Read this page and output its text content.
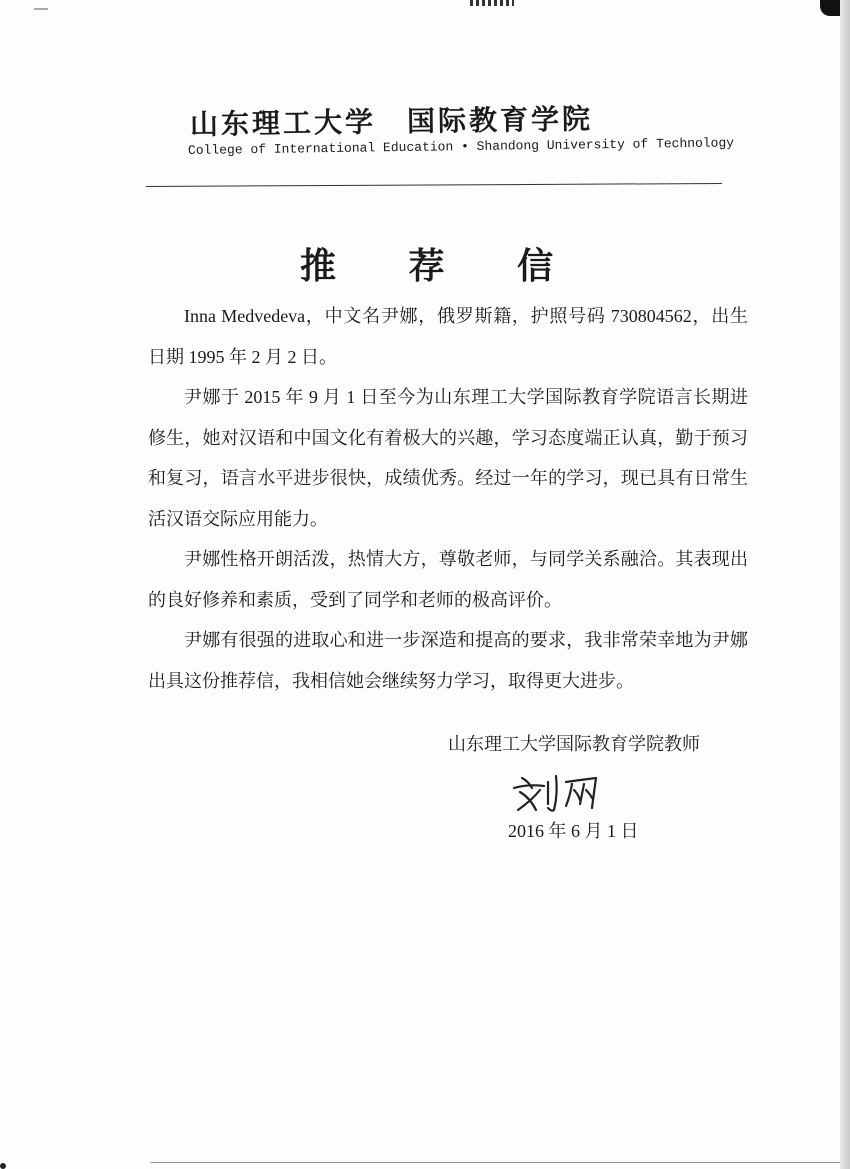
山东理工大学　国际教育学院
College of International Education • Shandong University of Technology
推 荐 信

Inna Medvedeva，中文名尹娜，俄罗斯籍，护照号码 730804562，出生日期 1995 年 2 月 2 日。

尹娜于 2015 年 9 月 1 日至今为山东理工大学国际教育学院语言长期进修生，她对汉语和中国文化有着极大的兴趣，学习态度端正认真，勤于预习和复习，语言水平进步很快，成绩优秀。经过一年的学习，现已具有日常生活汉语交际应用能力。

尹娜性格开朗活泼，热情大方，尊敬老师，与同学关系融洽。其表现出的良好修养和素质，受到了同学和老师的极高评价。

尹娜有很强的进取心和进一步深造和提高的要求，我非常荣幸地为尹娜出具这份推荐信，我相信她会继续努力学习，取得更大进步。

山东理工大学国际教育学院教师
2016 年 6 月 1 日
